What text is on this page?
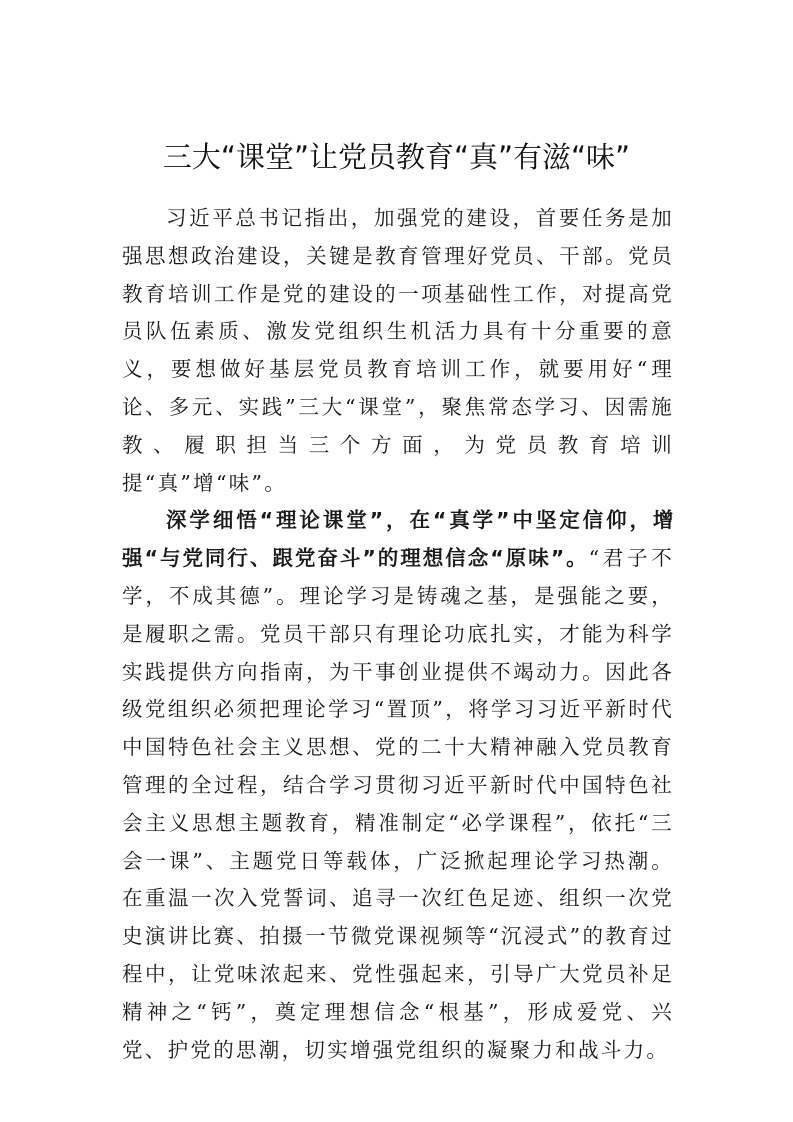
三大“课堂”让党员教育“真”有滋“味”

习近平总书记指出，加强党的建设，首要任务是加强思想政治建设，关键是教育管理好党员、干部。党员教育培训工作是党的建设的一项基础性工作，对提高党员队伍素质、激发党组织生机活力具有十分重要的意义，要想做好基层党员教育培训工作，就要用好“理论、多元、实践”三大“课堂”，聚焦常态学习、因需施教、履职担当三个方面，为党员教育培训提“真”增“味”。

深学细悟“理论课堂”，在“真学”中坚定信仰，增强“与党同行、跟党奋斗”的理想信念“原味”。“君子不学，不成其德”。理论学习是铸魂之基，是强能之要，是履职之需。党员干部只有理论功底扎实，才能为科学实践提供方向指南，为干事创业提供不竭动力。因此各级党组织必须把理论学习“置顶”，将学习习近平新时代中国特色社会主义思想、党的二十大精神融入党员教育管理的全过程，结合学习贯彻习近平新时代中国特色社会主义思想主题教育，精准制定“必学课程”，依托“三会一课”、主题党日等载体，广泛掀起理论学习热潮。在重温一次入党誓词、追寻一次红色足迹、组织一次党史演讲比赛、拍摄一节微党课视频等“沉浸式”的教育过程中，让党味浓起来、党性强起来，引导广大党员补足精神之“钙”，奠定理想信念“根基”，形成爱党、兴党、护党的思潮，切实增强党组织的凝聚力和战斗力。
